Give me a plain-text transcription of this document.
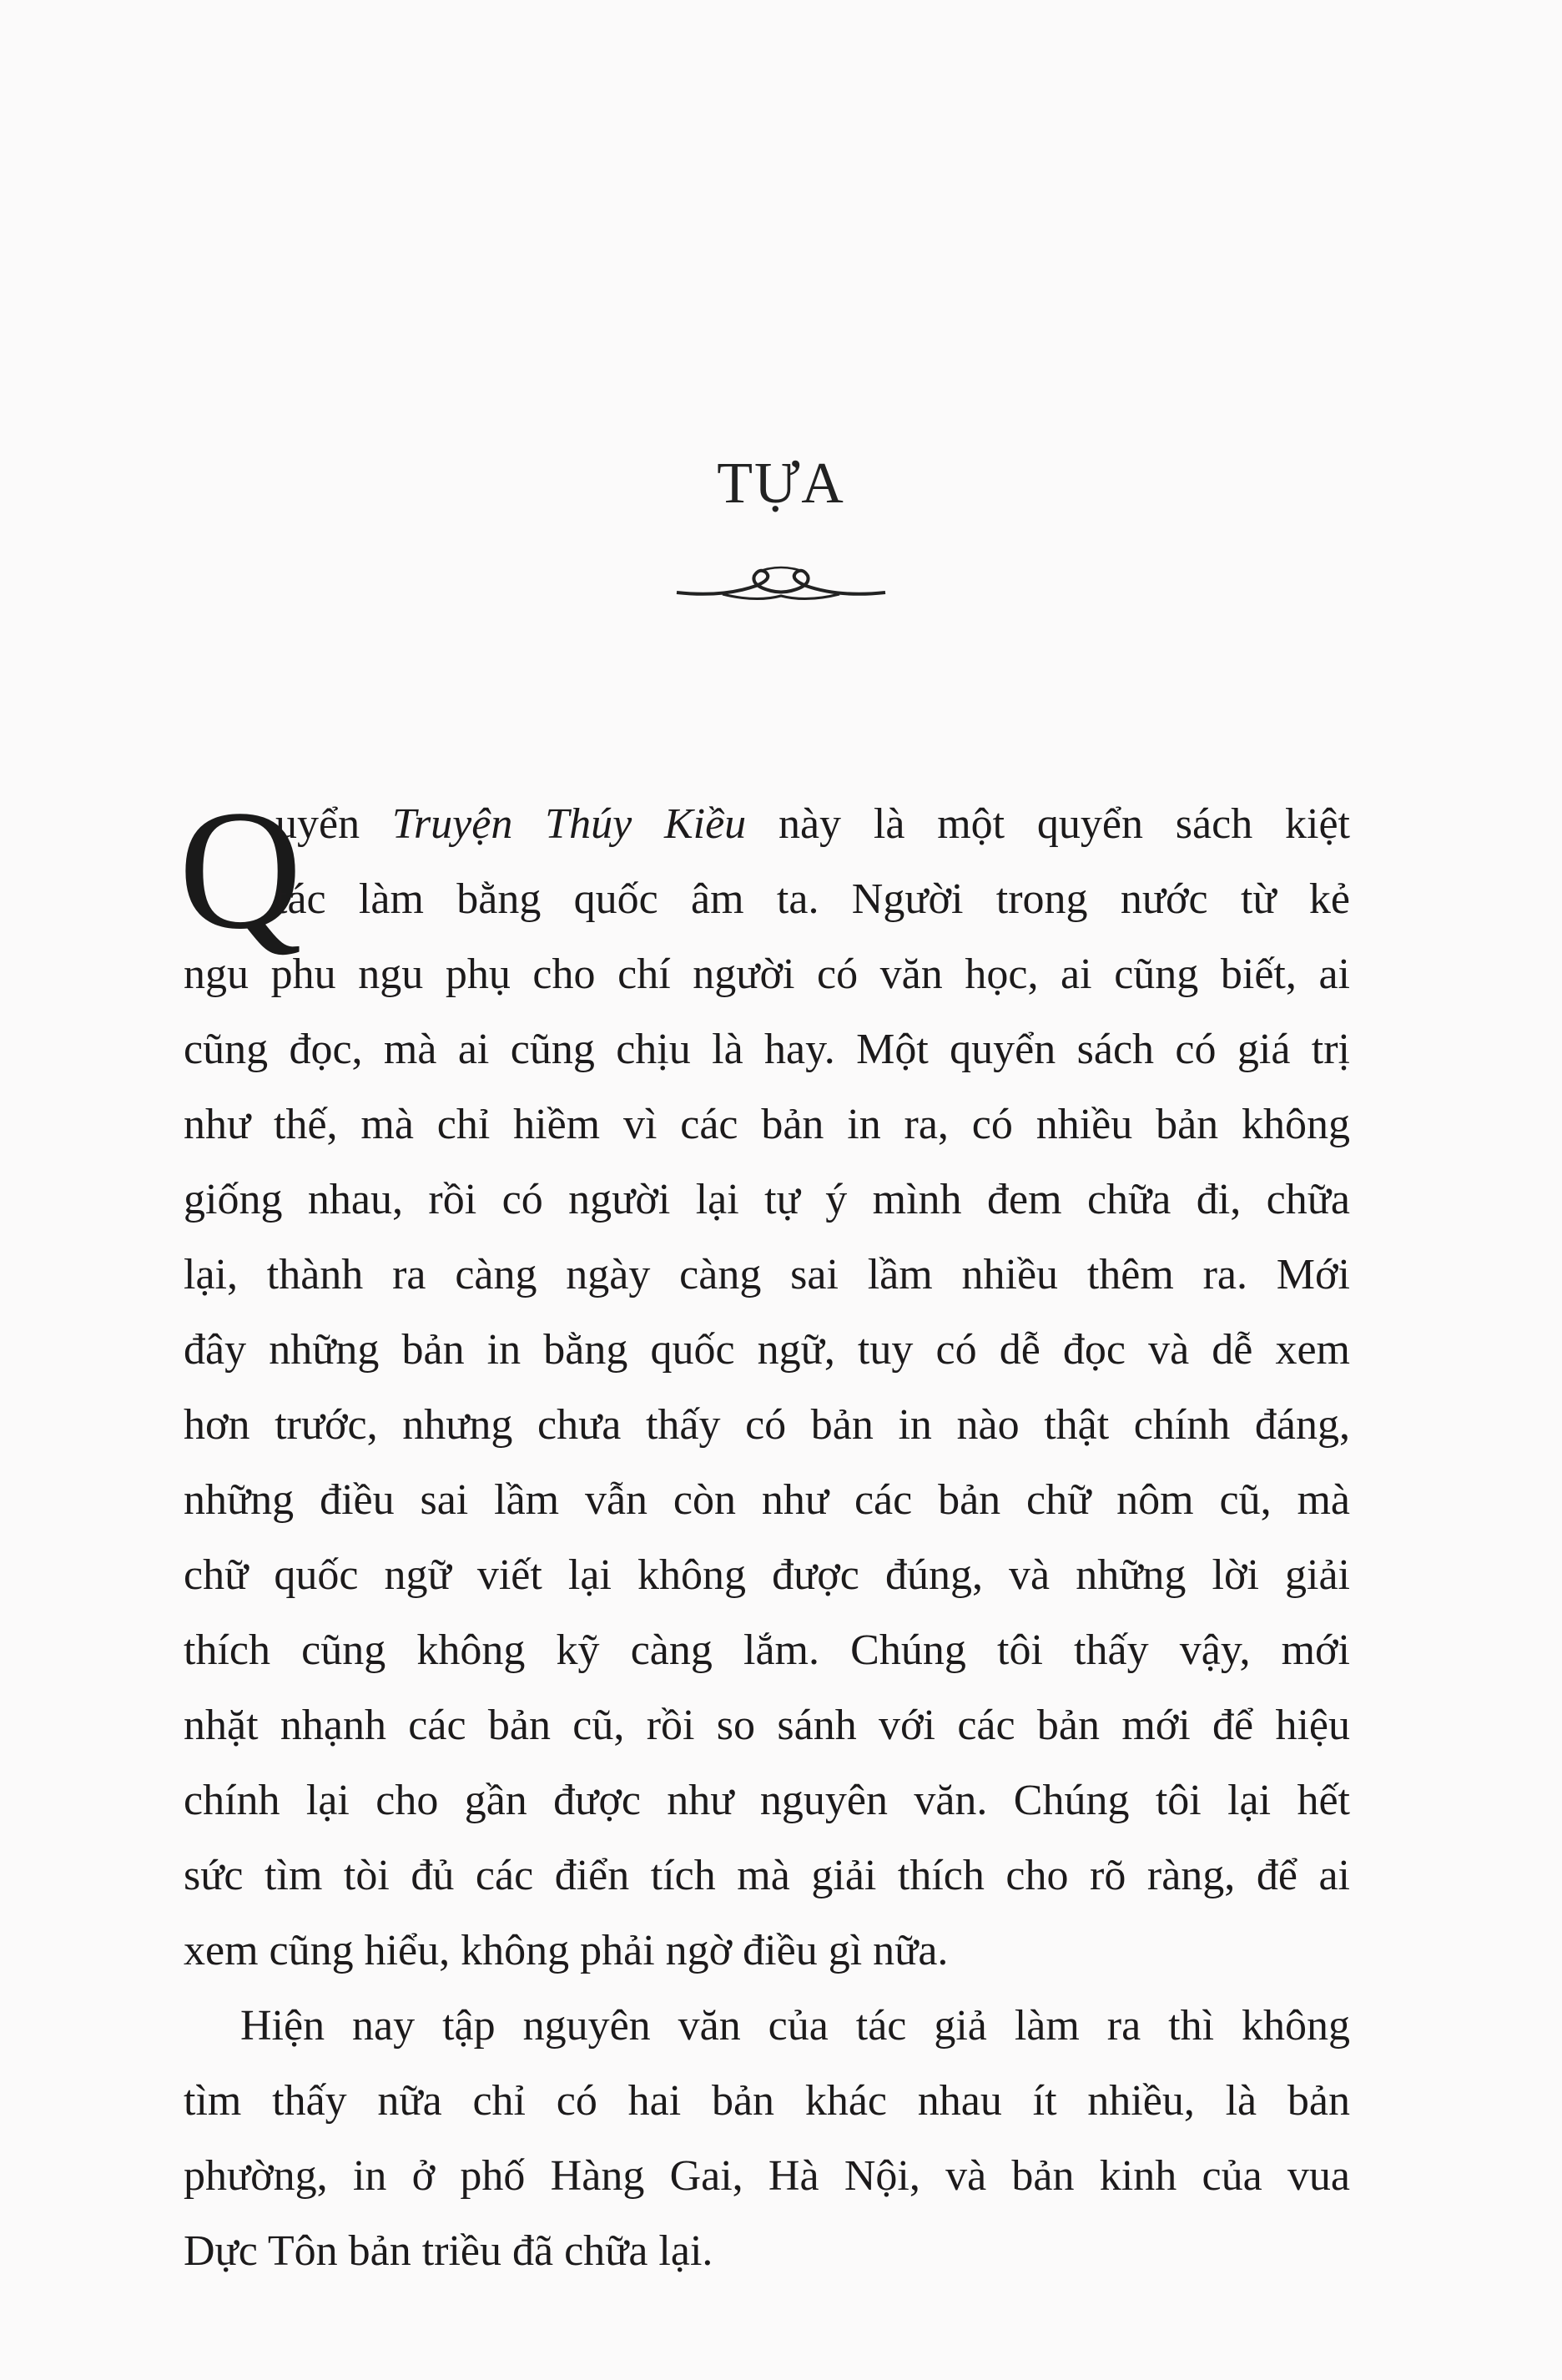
TỰA
Q
uyển Truyện Thúy Kiều này là một quyển sách kiệt
tác làm bằng quốc âm ta. Người trong nước từ kẻ
ngu phu ngu phụ cho chí người có văn học, ai cũng biết, ai
cũng đọc, mà ai cũng chịu là hay. Một quyển sách có giá trị
như thế, mà chỉ hiềm vì các bản in ra, có nhiều bản không
giống nhau, rồi có người lại tự ý mình đem chữa đi, chữa
lại, thành ra càng ngày càng sai lầm nhiều thêm ra. Mới
đây những bản in bằng quốc ngữ, tuy có dễ đọc và dễ xem
hơn trước, nhưng chưa thấy có bản in nào thật chính đáng,
những điều sai lầm vẫn còn như các bản chữ nôm cũ, mà
chữ quốc ngữ viết lại không được đúng, và những lời giải
thích cũng không kỹ càng lắm. Chúng tôi thấy vậy, mới
nhặt nhạnh các bản cũ, rồi so sánh với các bản mới để hiệu
chính lại cho gần được như nguyên văn. Chúng tôi lại hết
sức tìm tòi đủ các điển tích mà giải thích cho rõ ràng, để ai
xem cũng hiểu, không phải ngờ điều gì nữa.
Hiện nay tập nguyên văn của tác giả làm ra thì không
tìm thấy nữa chỉ có hai bản khác nhau ít nhiều, là bản
phường, in ở phố Hàng Gai, Hà Nội, và bản kinh của vua
Dực Tôn bản triều đã chữa lại.
